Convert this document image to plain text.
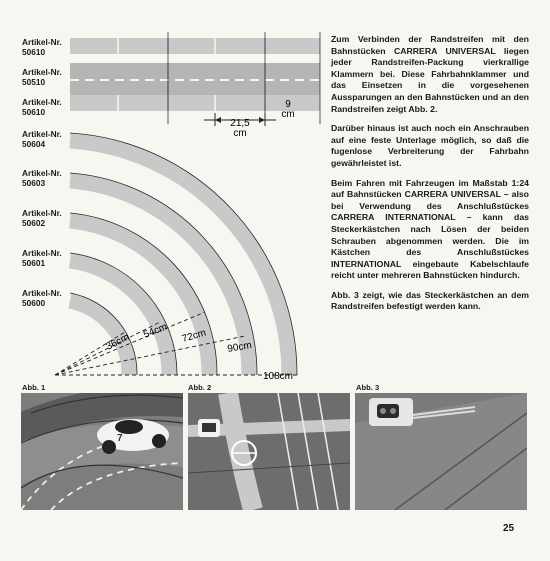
21,5
cm
9
cm
36cm
54cm 72cm
90cm
108cm
Artikel-Nr.
50610
Artikel-Nr.
50510
Artikel-Nr.
50610
Artikel-Nr.
50604
Artikel-Nr.
50603
Artikel-Nr.
50602
Artikel-Nr.
50601
Artikel-Nr.
50600

Zum Verbinden der Randstreifen mit den Bahnstücken CARRERA UNIVERSAL liegen jeder Randstreifen-Packung vierkrallige Klammern bei. Diese Fahrbahnklammer und das Einsetzen in die vorgesehenen Aussparungen an den Bahnstücken und an den Randstreifen zeigt Abb. 2.

Darüber hinaus ist auch noch ein Anschrauben auf eine feste Unterlage möglich, so daß die fugenlose Verbreiterung der Fahrbahn gewährleistet ist.

Beim Fahren mit Fahrzeugen im Maßstab 1:24 auf Bahnstücken CARRERA UNIVERSAL – also bei Verwendung des Anschlußstückes CARRERA INTERNATIONAL – kann das Steckerkästchen nach Lösen der beiden Schrauben abgenommen werden. Die im Kästchen des Anschlußstückes INTERNATIONAL eingebaute Kabelschlaufe reicht unter mehreren Bahnstücken hindurch.

Abb. 3 zeigt, wie das Steckerkästchen an dem Randstreifen befestigt werden kann.

Abb. 1	Abb. 2	Abb. 3
7
25
